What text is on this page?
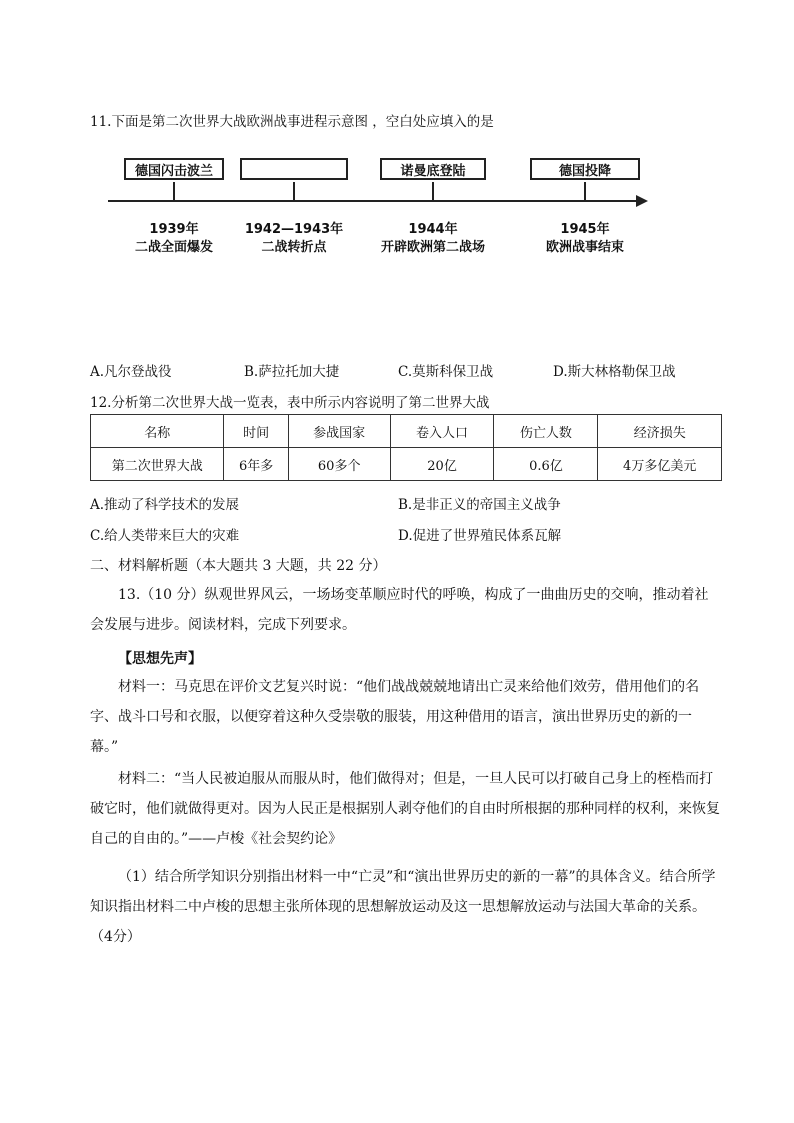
11.下面是第二次世界大战欧洲战事进程示意图 ，空白处应填入的是
德国闪击波兰	诺曼底登陆	德国投降
1939年
二战全面爆发
1942—1943年
二战转折点
1944年
开辟欧洲第二战场
1945年
欧洲战事结束
A.凡尔登战役	B.萨拉托加大捷	C.莫斯科保卫战	D.斯大林格勒保卫战
12.分析第二次世界大战一览表，表中所示内容说明了第二世界大战
名称	时间	参战国家	卷入人口	伤亡人数	经济损失
第二次世界大战	6年多	60多个	20亿	0.6亿	4万多亿美元
A.推动了科学技术的发展	B.是非正义的帝国主义战争
C.给人类带来巨大的灾难	D.促进了世界殖民体系瓦解
二、材料解析题（本大题共 3 大题，共 22 分）
13.（10 分）纵观世界风云，一场场变革顺应时代的呼唤，构成了一曲曲历史的交响，推动着社会发展与进步。阅读材料，完成下列要求。
【思想先声】
材料一：马克思在评价文艺复兴时说：“他们战战兢兢地请出亡灵来给他们效劳，借用他们的名字、战斗口号和衣服，以便穿着这种久受崇敬的服装，用这种借用的语言，演出世界历史的新的一幕。”
材料二：“当人民被迫服从而服从时，他们做得对；但是，一旦人民可以打破自己身上的桎梏而打破它时，他们就做得更对。因为人民正是根据别人剥夺他们的自由时所根据的那种同样的权利，来恢复自己的自由的。”——卢梭《社会契约论》
（1）结合所学知识分别指出材料一中“亡灵”和“演出世界历史的新的一幕”的具体含义。结合所学知识指出材料二中卢梭的思想主张所体现的思想解放运动及这一思想解放运动与法国大革命的关系。（4分）
